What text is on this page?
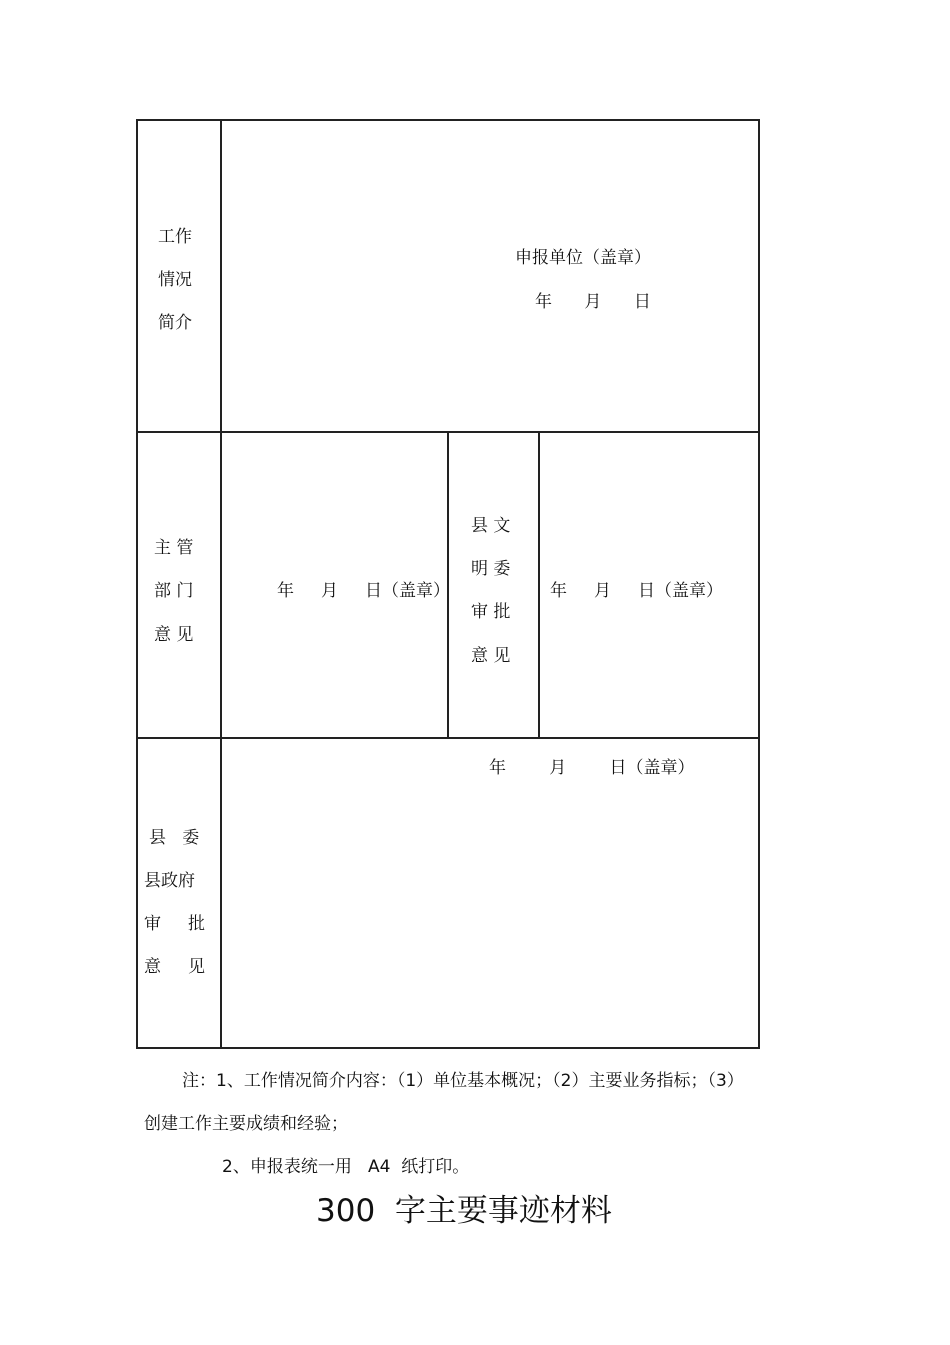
工作
情况
简介
申报单位（盖章）
年      月      日
主 管
部 门
意 见
年     月     日（盖章）
县 文
明 委
审 批
意 见
年     月     日（盖章）
县   委
县政府
审     批
意     见
年        月        日（盖章）
注：1、工作情况简介内容：（1）单位基本概况；（2）主要业务指标；（3）
创建工作主要成绩和经验；
2、申报表统一用   A4  纸打印。
300  字主要事迹材料
